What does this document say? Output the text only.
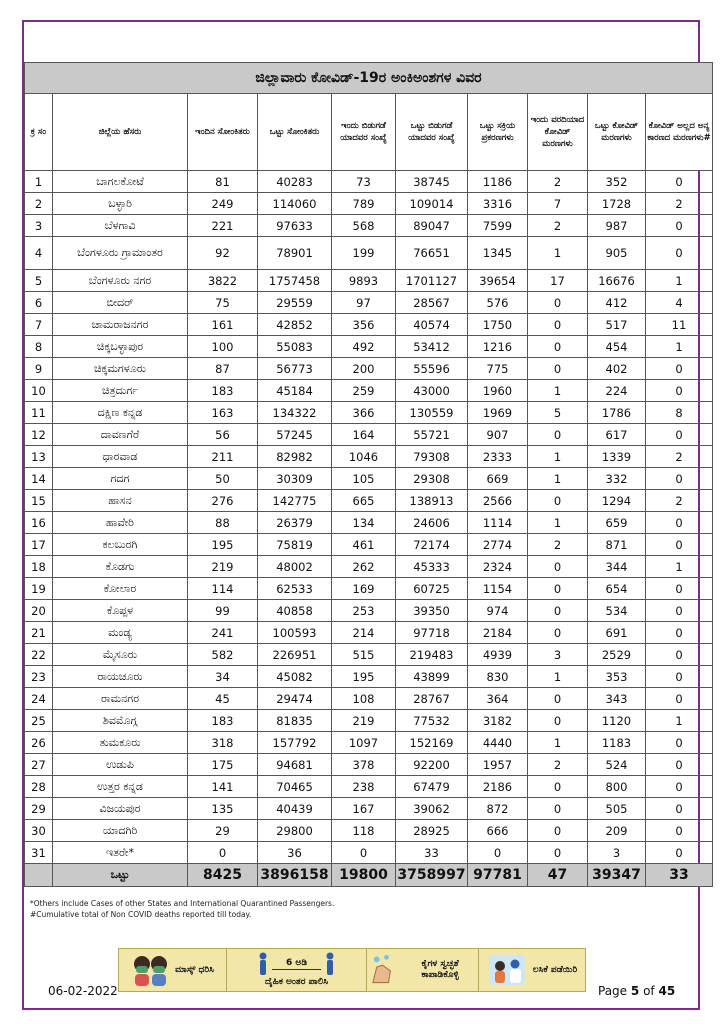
ಜಿಲ್ಲಾವಾರು ಕೋವಿಡ್-19ರ ಅಂಕಿಅಂಶಗಳ ವಿವರ									
ಕ್ರ ಸಂ	ಜಿಲ್ಲೆಯ ಹೆಸರು	ಇಂದಿನ ಸೋಂಕಿತರು	ಒಟ್ಟು ಸೋಂಕಿತರು	ಇಂದು ಬಿಡುಗಡೆ ಯಾದವರ ಸಂಖ್ಯೆ	ಒಟ್ಟು ಬಿಡುಗಡೆ ಯಾದವರ ಸಂಖ್ಯೆ	ಒಟ್ಟು ಸಕ್ರಿಯ ಪ್ರಕರಣಗಳು	ಇಂದು ವರದಿಯಾದ ಕೋವಿಡ್ ಮರಣಗಳು	ಒಟ್ಟು ಕೋವಿಡ್ ಮರಣಗಳು	ಕೋವಿಡ್ ಅಲ್ಲದ ಅನ್ಯ ಕಾರಣದ ಮರಣಗಳು#
1	ಬಾಗಲಕೋಟೆ	81	40283	73	38745	1186	2	352	0
2	ಬಳ್ಳಾರಿ	249	114060	789	109014	3316	7	1728	2
3	ಬೆಳಗಾವಿ	221	97633	568	89047	7599	2	987	0
4	ಬೆಂಗಳೂರು ಗ್ರಾಮಾಂತರ	92	78901	199	76651	1345	1	905	0
5	ಬೆಂಗಳೂರು ನಗರ	3822	1757458	9893	1701127	39654	17	16676	1
6	ಬೀದರ್	75	29559	97	28567	576	0	412	4
7	ಚಾಮರಾಜನಗರ	161	42852	356	40574	1750	0	517	11
8	ಚಿಕ್ಕಬಳ್ಳಾಪುರ	100	55083	492	53412	1216	0	454	1
9	ಚಿಕ್ಕಮಗಳೂರು	87	56773	200	55596	775	0	402	0
10	ಚಿತ್ರದುರ್ಗ	183	45184	259	43000	1960	1	224	0
11	ದಕ್ಷಿಣ ಕನ್ನಡ	163	134322	366	130559	1969	5	1786	8
12	ದಾವಣಗೆರೆ	56	57245	164	55721	907	0	617	0
13	ಧಾರವಾಡ	211	82982	1046	79308	2333	1	1339	2
14	ಗದಗ	50	30309	105	29308	669	1	332	0
15	ಹಾಸನ	276	142775	665	138913	2566	0	1294	2
16	ಹಾವೇರಿ	88	26379	134	24606	1114	1	659	0
17	ಕಲಬುರಗಿ	195	75819	461	72174	2774	2	871	0
18	ಕೊಡಗು	219	48002	262	45333	2324	0	344	1
19	ಕೋಲಾರ	114	62533	169	60725	1154	0	654	0
20	ಕೊಪ್ಪಳ	99	40858	253	39350	974	0	534	0
21	ಮಂಡ್ಯ	241	100593	214	97718	2184	0	691	0
22	ಮೈಸೂರು	582	226951	515	219483	4939	3	2529	0
23	ರಾಯಚೂರು	34	45082	195	43899	830	1	353	0
24	ರಾಮನಗರ	45	29474	108	28767	364	0	343	0
25	ಶಿವಮೊಗ್ಗ	183	81835	219	77532	3182	0	1120	1
26	ತುಮಕೂರು	318	157792	1097	152169	4440	1	1183	0
27	ಉಡುಪಿ	175	94681	378	92200	1957	2	524	0
28	ಉತ್ತರ ಕನ್ನಡ	141	70465	238	67479	2186	0	800	0
29	ವಿಜಯಪುರ	135	40439	167	39062	872	0	505	0
30	ಯಾದಗಿರಿ	29	29800	118	28925	666	0	209	0
31	ಇತರೇ*	0	36	0	33	0	0	3	0
	ಒಟ್ಟು	8425	3896158	19800	3758997	97781	47	39347	33
*Others include Cases of other States and International Quarantined Passengers.
#Cumulative total of Non COVID deaths reported till today.
ಮಾಸ್ಕ್ ಧರಿಸಿ
6 ಅಡಿ
ದೈಹಿಕ ಅಂತರ ಪಾಲಿಸಿ
ಕೈಗಳ ಸ್ವಚ್ಛತೆ ಕಾಪಾಡಿಕೊಳ್ಳಿ
ಲಸಿಕೆ ಪಡೆಯಿರಿ
06-02-2022	Page 5 of 45
